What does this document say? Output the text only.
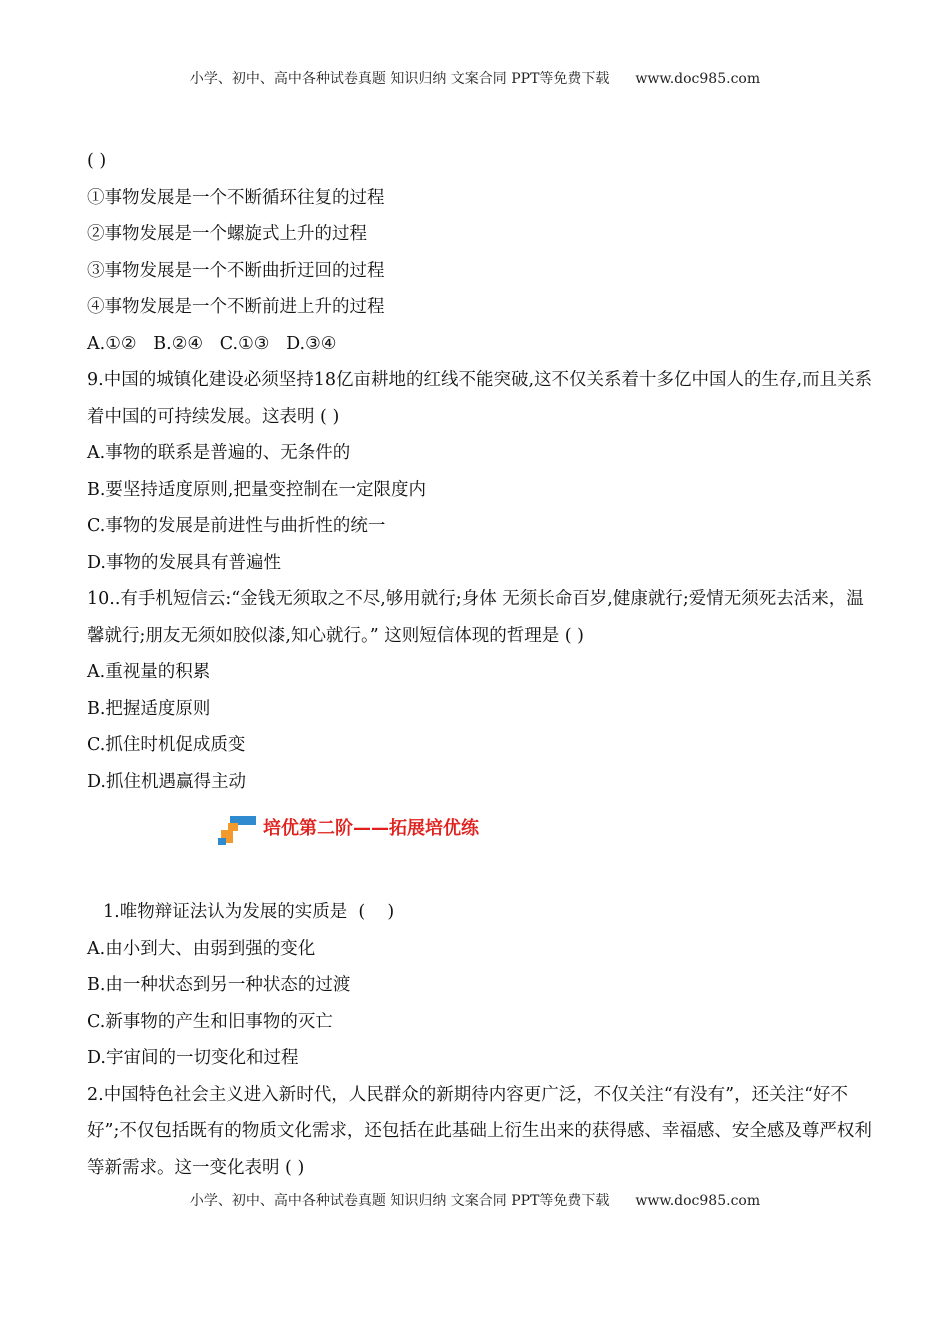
小学、初中、高中各种试卷真题 知识归纳 文案合同 PPT等免费下载 www.doc985.com
( )
①事物发展是一个不断循环往复的过程
②事物发展是一个螺旋式上升的过程
③事物发展是一个不断曲折迂回的过程
④事物发展是一个不断前进上升的过程
A.①②   B.②④   C.①③   D.③④
9.中国的城镇化建设必须坚持18亿亩耕地的红线不能突破,这不仅关系着十多亿中国人的生存,而且关系着中国的可持续发展。这表明 ( )
A.事物的联系是普遍的、无条件的
B.要坚持适度原则,把量变控制在一定限度内
C.事物的发展是前进性与曲折性的统一
D.事物的发展具有普遍性
10..有手机短信云:“金钱无须取之不尽,够用就行;身体 无须长命百岁,健康就行;爱情无须死去活来，温馨就行;朋友无须如胶似漆,知心就行。” 这则短信体现的哲理是 ( )
A.重视量的积累
B.把握适度原则
C.抓住时机促成质变
D.抓住机遇赢得主动
培优第二阶——拓展培优练
1.唯物辩证法认为发展的实质是  (    )
A.由小到大、由弱到强的变化
B.由一种状态到另一种状态的过渡
C.新事物的产生和旧事物的灭亡
D.宇宙间的一切变化和过程
2.中国特色社会主义进入新时代，人民群众的新期待内容更广泛，不仅关注“有没有”，还关注“好不好”;不仅包括既有的物质文化需求，还包括在此基础上衍生出来的获得感、幸福感、安全感及尊严权利等新需求。这一变化表明 ( )
小学、初中、高中各种试卷真题 知识归纳 文案合同 PPT等免费下载 www.doc985.com
